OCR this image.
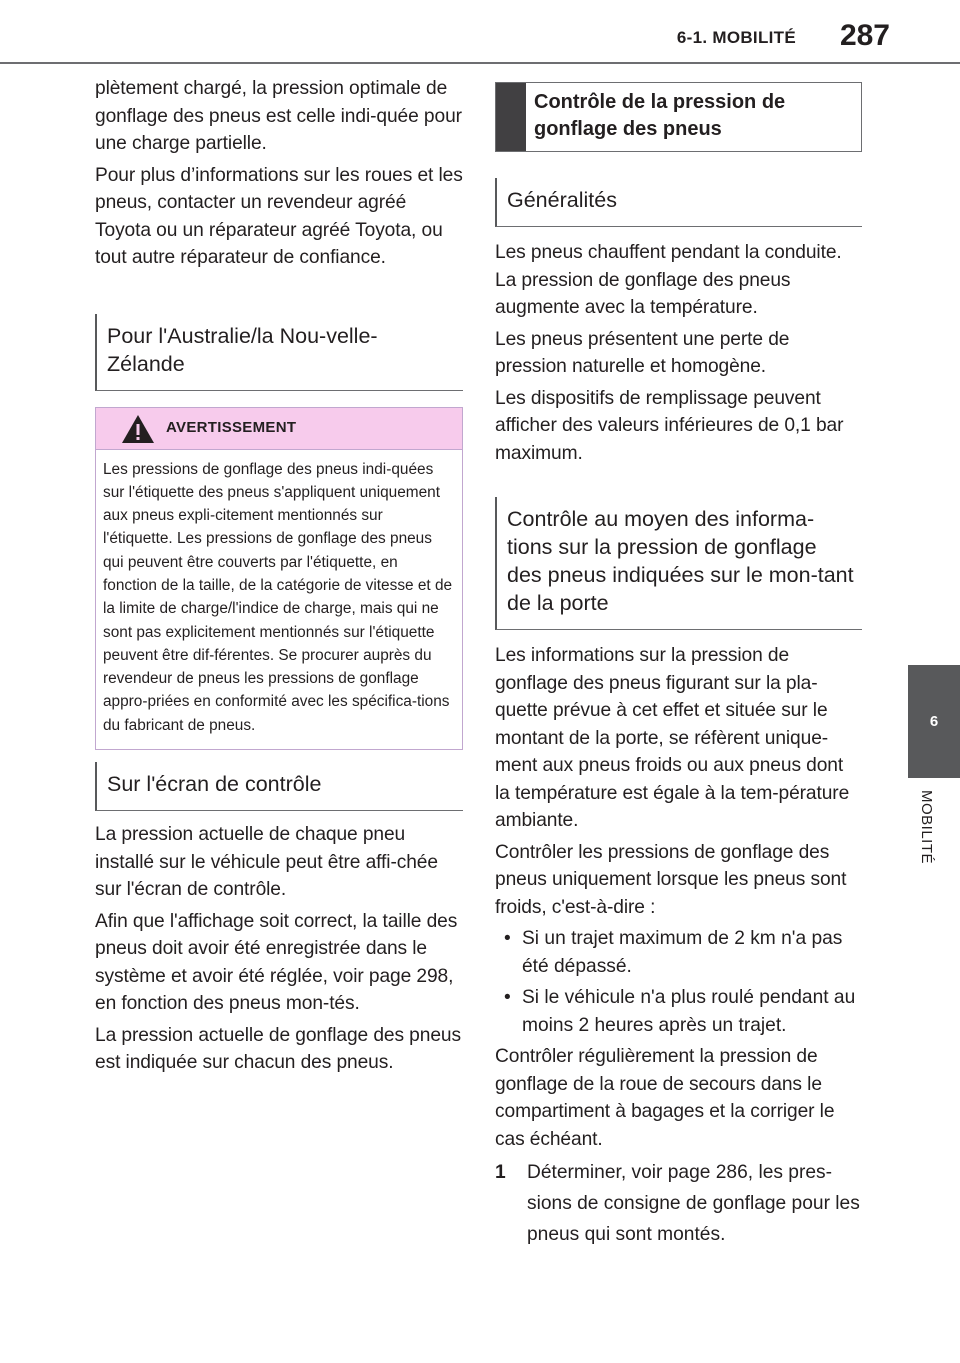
6-1. MOBILITÉ 287
6
MOBILITÉ

plètement chargé, la pression optimale de gonflage des pneus est celle indi-quée pour une charge partielle.

Pour plus d’informations sur les roues et les pneus, contacter un revendeur agréé Toyota ou un réparateur agréé Toyota, ou tout autre réparateur de confiance.

Pour l'Australie/la Nou-velle-Zélande
AVERTISSEMENT
Les pressions de gonflage des pneus indi-quées sur l'étiquette des pneus s'appliquent uniquement aux pneus expli-citement mentionnés sur l'étiquette. Les pressions de gonflage des pneus qui peuvent être couverts par l'étiquette, en fonction de la taille, de la catégorie de vitesse et de la limite de charge/l'indice de charge, mais qui ne sont pas explicitement mentionnés sur l'étiquette peuvent être dif-férentes. Se procurer auprès du revendeur de pneus les pressions de gonflage appro-priées en conformité avec les spécifica-tions du fabricant de pneus.
Sur l'écran de contrôle

La pression actuelle de chaque pneu installé sur le véhicule peut être affi-chée sur l'écran de contrôle.

Afin que l'affichage soit correct, la taille des pneus doit avoir été enregistrée dans le système et avoir été réglée, voir page 298, en fonction des pneus mon-tés.

La pression actuelle de gonflage des pneus est indiquée sur chacun des pneus.

Contrôle de la pression de gonflage des pneus
Généralités

Les pneus chauffent pendant la conduite. La pression de gonflage des pneus augmente avec la température.

Les pneus présentent une perte de pression naturelle et homogène.

Les dispositifs de remplissage peuvent afficher des valeurs inférieures de 0,1 bar maximum.

Contrôle au moyen des informa-tions sur la pression de gonflage des pneus indiquées sur le mon-tant de la porte

Les informations sur la pression de gonflage des pneus figurant sur la pla-quette prévue à cet effet et située sur le montant de la porte, se réfèrent unique-ment aux pneus froids ou aux pneus dont la température est égale à la tem-pérature ambiante.

Contrôler les pressions de gonflage des pneus uniquement lorsque les pneus sont froids, c'est-à-dire :

• Si un trajet maximum de 2 km n'a pas été dépassé.
• Si le véhicule n'a plus roulé pendant au moins 2 heures après un trajet.

Contrôler régulièrement la pression de gonflage de la roue de secours dans le compartiment à bagages et la corriger le cas échéant.

1	Déterminer, voir page 286, les pres-sions de consigne de gonflage pour les pneus qui sont montés.
